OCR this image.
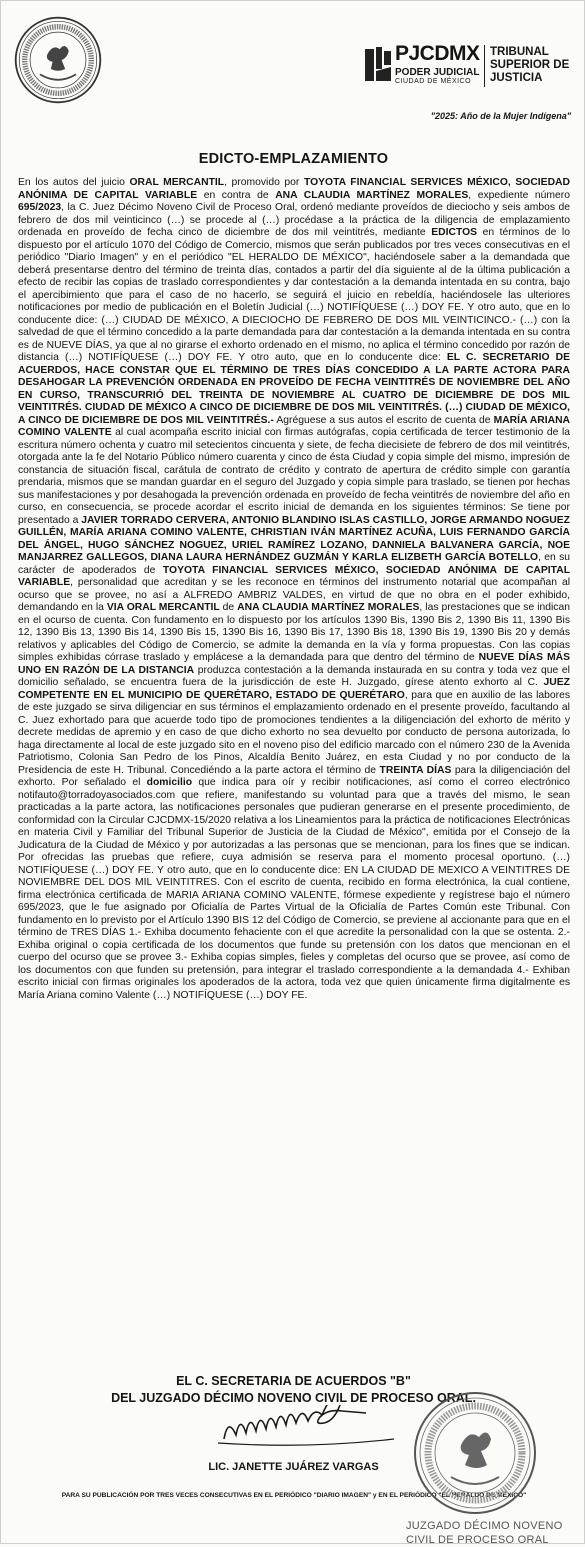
PJCDMX
PODER JUDICIAL
CIUDAD DE MÉXICO
TRIBUNAL
SUPERIOR DE
JUSTICIA
"2025: Año de la Mujer Indígena"
EDICTO-EMPLAZAMIENTO

En los autos del juicio ORAL MERCANTIL, promovido por TOYOTA FINANCIAL SERVICES MÉXICO, SOCIEDAD ANÓNIMA DE CAPITAL VARIABLE en contra de ANA CLAUDIA MARTÍNEZ MORALES, expediente número 695/2023, la C. Juez Décimo Noveno Civil de Proceso Oral, ordenó mediante proveídos de dieciocho y seis ambos de febrero de dos mil veinticinco (…) se procede al (…) procédase a la práctica de la diligencia de emplazamiento ordenada en proveído de fecha cinco de diciembre de dos mil veintitrés, mediante EDICTOS en términos de lo dispuesto por el artículo 1070 del Código de Comercio, mismos que serán publicados por tres veces consecutivas en el periódico "Diario Imagen" y en el periódico "EL HERALDO DE MÉXICO", haciéndosele saber a la demandada que deberá presentarse dentro del término de treinta días, contados a partir del día siguiente al de la última publicación a efecto de recibir las copias de traslado correspondientes y dar contestación a la demanda intentada en su contra, bajo el apercibimiento que para el caso de no hacerlo, se seguirá el juicio en rebeldía, haciéndosele las ulteriores notificaciones por medio de publicación en el Boletín Judicial (…) NOTIFÍQUESE (…) DOY FE. Y otro auto, que en lo conducente dice: (…) CIUDAD DE MÉXICO, A DIECIOCHO DE FEBRERO DE DOS MIL VEINTICINCO.- (…) con la salvedad de que el término concedido a la parte demandada para dar contestación a la demanda intentada en su contra es de NUEVE DÍAS, ya que al no girarse el exhorto ordenado en el mismo, no aplica el término concedido por razón de distancia (…) NOTIFÍQUESE (…) DOY FE. Y otro auto, que en lo conducente dice: EL C. SECRETARIO DE ACUERDOS, HACE CONSTAR QUE EL TÉRMINO DE TRES DÍAS CONCEDIDO A LA PARTE ACTORA PARA DESAHOGAR LA PREVENCIÓN ORDENADA EN PROVEÍDO DE FECHA VEINTITRÉS DE NOVIEMBRE DEL AÑO EN CURSO, TRANSCURRIÓ DEL TREINTA DE NOVIEMBRE AL CUATRO DE DICIEMBRE DE DOS MIL VEINTITRÉS. CIUDAD DE MÉXICO A CINCO DE DICIEMBRE DE DOS MIL VEINTITRÉS. (…) CIUDAD DE MÉXICO, A CINCO DE DICIEMBRE DE DOS MIL VEINTITRÉS.- Agréguese a sus autos el escrito de cuenta de MARÍA ARIANA COMINO VALENTE al cual acompaña escrito inicial con firmas autógrafas, copia certificada de tercer testimonio de la escritura número ochenta y cuatro mil setecientos cincuenta y siete, de fecha diecisiete de febrero de dos mil veintitrés, otorgada ante la fe del Notario Público número cuarenta y cinco de ésta Ciudad y copia simple del mismo, impresión de constancia de situación fiscal, carátula de contrato de crédito y contrato de apertura de crédito simple con garantía prendaria, mismos que se mandan guardar en el seguro del Juzgado y copia simple para traslado, se tienen por hechas sus manifestaciones y por desahogada la prevención ordenada en proveído de fecha veintitrés de noviembre del año en curso, en consecuencia, se procede acordar el escrito inicial de demanda en los siguientes términos: Se tiene por presentado a JAVIER TORRADO CERVERA, ANTONIO BLANDINO ISLAS CASTILLO, JORGE ARMANDO NOGUEZ GUILLÉN, MARÍA ARIANA COMINO VALENTE, CHRISTIAN IVÁN MARTÍNEZ ACUÑA, LUIS FERNANDO GARCÍA DEL ÁNGEL, HUGO SÁNCHEZ NOGUEZ, URIEL RAMÍREZ LOZANO, DANNIELA BALVANERA GARCÍA, NOE MANJARREZ GALLEGOS, DIANA LAURA HERNÁNDEZ GUZMÁN Y KARLA ELIZBETH GARCÍA BOTELLO, en su carácter de apoderados de TOYOTA FINANCIAL SERVICES MÉXICO, SOCIEDAD ANÓNIMA DE CAPITAL VARIABLE, personalidad que acreditan y se les reconoce en términos del instrumento notarial que acompañan al ocurso que se provee, no así a ALFREDO AMBRIZ VALDES, en virtud de que no obra en el poder exhibido, demandando en la VIA ORAL MERCANTIL de ANA CLAUDIA MARTÍNEZ MORALES, las prestaciones que se indican en el ocurso de cuenta. Con fundamento en lo dispuesto por los artículos 1390 Bis, 1390 Bis 2, 1390 Bis 11, 1390 Bis 12, 1390 Bis 13, 1390 Bis 14, 1390 Bis 15, 1390 Bis 16, 1390 Bis 17, 1390 Bis 18, 1390 Bis 19, 1390 Bis 20 y demás relativos y aplicables del Código de Comercio, se admite la demanda en la vía y forma propuestas. Con las copias simples exhibidas córrase traslado y emplácese a la demandada para que dentro del término de NUEVE DÍAS MÁS UNO EN RAZÓN DE LA DISTANCIA produzca contestación a la demanda instaurada en su contra y toda vez que el domicilio señalado, se encuentra fuera de la jurisdicción de este H. Juzgado, gírese atento exhorto al C. JUEZ COMPETENTE EN EL MUNICIPIO DE QUERÉTARO, ESTADO DE QUERÉTARO, para que en auxilio de las labores de este juzgado se sirva diligenciar en sus términos el emplazamiento ordenado en el presente proveído, facultando al C. Juez exhortado para que acuerde todo tipo de promociones tendientes a la diligenciación del exhorto de mérito y decrete medidas de apremio y en caso de que dicho exhorto no sea devuelto por conducto de persona autorizada, lo haga directamente al local de este juzgado sito en el noveno piso del edificio marcado con el número 230 de la Avenida Patriotismo, Colonia San Pedro de los Pinos, Alcaldía Benito Juárez, en esta Ciudad y no por conducto de la Presidencia de este H. Tribunal. Concediéndo a la parte actora el término de TREINTA DÍAS para la diligenciación del exhorto. Por señalado el domicilio que indica para oír y recibir notificaciones, así como el correo electrónico notifauto@torradoyasociados.com que refiere, manifestando su voluntad para que a través del mismo, le sean practicadas a la parte actora, las notificaciones personales que pudieran generarse en el presente procedimiento, de conformidad con la Circular CJCDMX-15/2020 relativa a los Lineamientos para la práctica de notificaciones Electrónicas en materia Civil y Familiar del Tribunal Superior de Justicia de la Ciudad de México", emitida por el Consejo de la Judicatura de la Ciudad de México y por autorizadas a las personas que se mencionan, para los fines que se indican. Por ofrecidas las pruebas que refiere, cuya admisión se reserva para el momento procesal oportuno. (…) NOTIFÍQUESE (…) DOY FE. Y otro auto, que en lo conducente dice: EN LA CIUDAD DE MEXICO A VEINTITRES DE NOVIEMBRE DEL DOS MIL VEINTITRES. Con el escrito de cuenta, recibido en forma electrónica, la cual contiene, firma electrónica certificada de MARIA ARIANA COMINO VALENTE, fórmese expediente y regístrese bajo el número 695/2023, que le fue asignado por Oficialía de Partes Virtual de la Oficialía de Partes Común este Tribunal. Con fundamento en lo previsto por el Artículo 1390 BIS 12 del Código de Comercio, se previene al accionante para que en el término de TRES DÍAS 1.- Exhiba documento fehaciente con el que acredite la personalidad con la que se ostenta. 2.- Exhiba original o copia certificada de los documentos que funde su pretensión con los datos que mencionan en el cuerpo del ocurso que se provee 3.- Exhiba copias simples, fieles y completas del ocurso que se provee, así como de los documentos con que funden su pretensión, para integrar el traslado correspondiente a la demandada 4.- Exhiban escrito inicial con firmas originales los apoderados de la actora, toda vez que quien únicamente firma digitalmente es María Ariana comino Valente (…) NOTIFÍQUESE (…) DOY FE.

EL C. SECRETARIA DE ACUERDOS "B"
DEL JUZGADO DÉCIMO NOVENO CIVIL DE PROCESO ORAL.
LIC. JANETTE JUÁREZ VARGAS
PARA SU PUBLICACIÓN POR TRES VECES CONSECUTIVAS EN EL PERIÓDICO "DIARIO IMAGEN" y EN EL PERIÓDICO "EL HERALDO DE MÉXICO"
JUZGADO DÉCIMO NOVENO
CIVIL DE PROCESO ORAL
